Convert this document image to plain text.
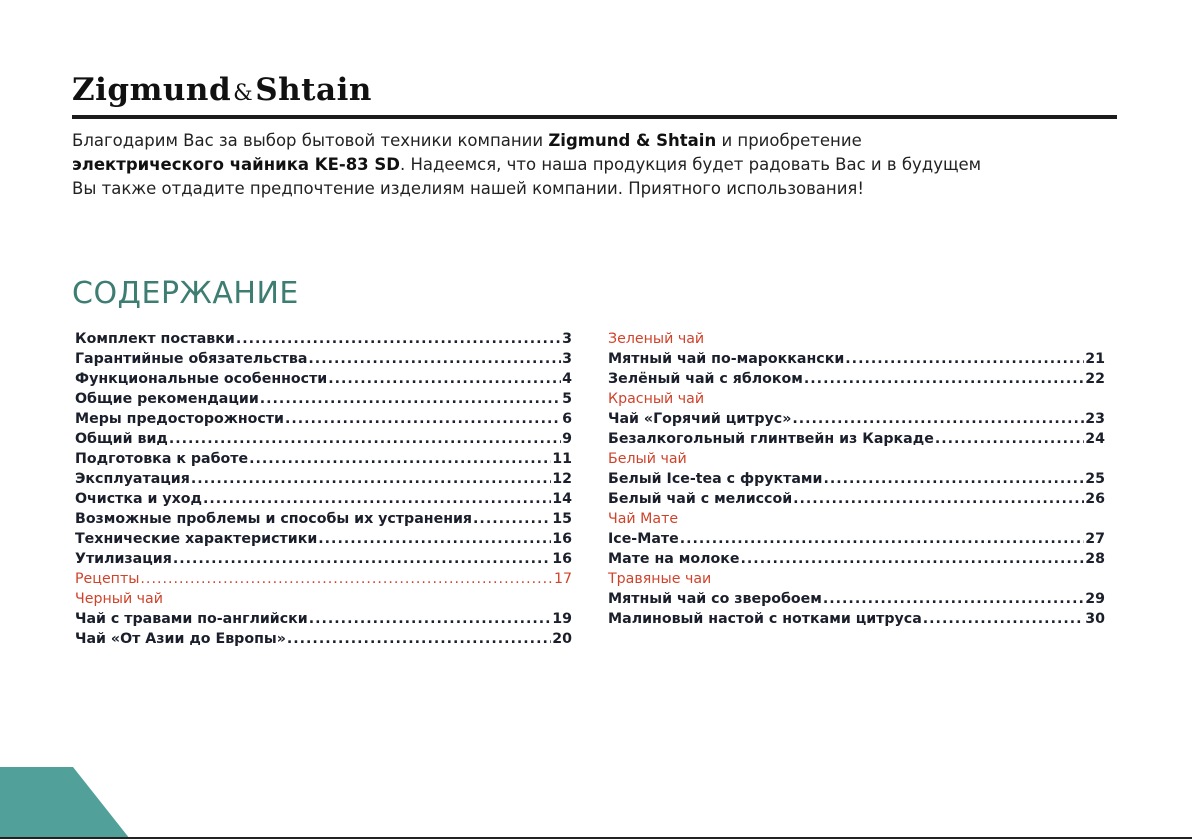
Zigmund&Shtain
Благодарим Вас за выбор бытовой техники компании Zigmund & Shtain и приобретение
электрического чайника KE-83 SD. Надеемся, что наша продукция будет радовать Вас и в будущем
Вы также отдадите предпочтение изделиям нашей компании. Приятного использования!
СОДЕРЖАНИЕ
Комплект поставки .....	3
Гарантийные обязательства .....	3
Функциональные особенности .....	4
Общие рекомендации .....	5
Меры предосторожности .....	6
Общий вид .....	9
Подготовка к работе .....	11
Эксплуатация .....	12
Очистка и уход .....	14
Возможные проблемы и способы их устранения .....	15
Технические характеристики .....	16
Утилизация .....	16
Рецепты .....	17
Черный чай
Чай с травами по-английски .....	19
Чай «От Азии до Европы» .....	20
Зеленый чай
Мятный чай по-мароккански .....	21
Зелёный чай с яблоком .....	22
Красный чай
Чай «Горячий цитрус» .....	23
Безалкогольный глинтвейн из Каркаде .....	24
Белый чай
Белый Ice-tea с фруктами .....	25
Белый чай с мелиссой .....	26
Чай Мате
Ice-Мате .....	27
Мате на молоке .....	28
Травяные чаи
Мятный чай со зверобоем .....	29
Малиновый настой с нотками цитруса .....	30
